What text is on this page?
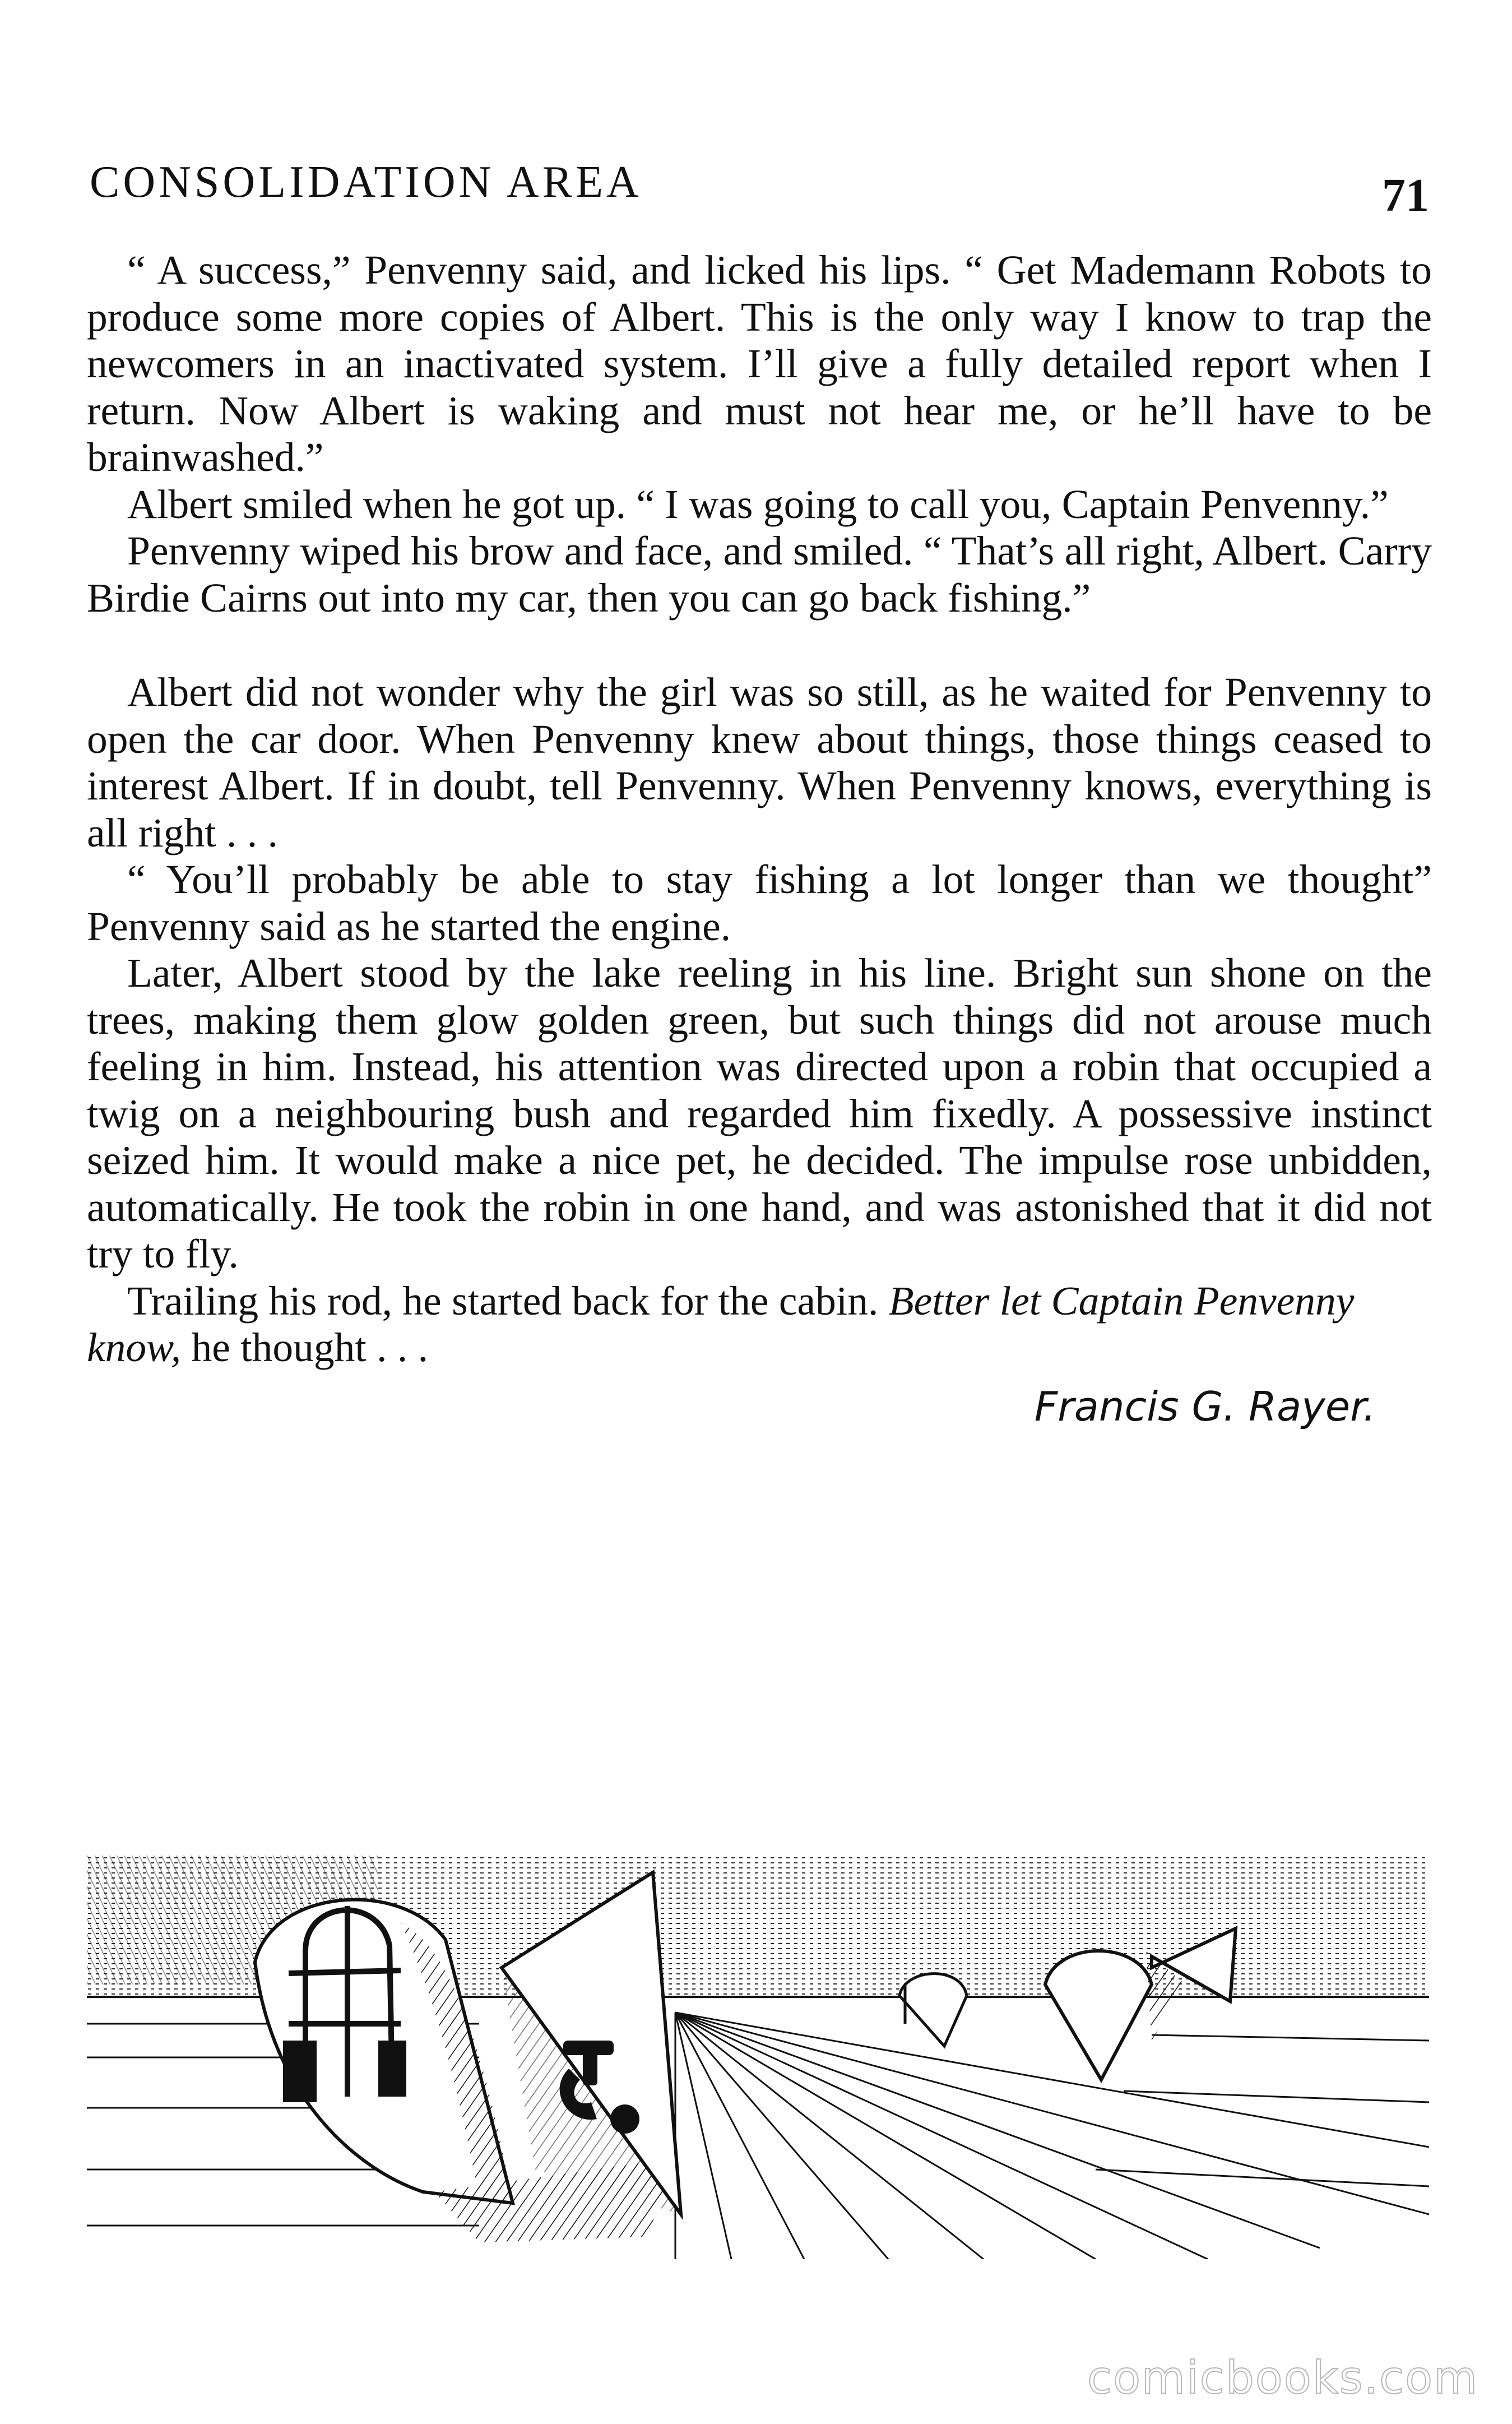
CONSOLIDATION AREA	71

“ A success,” Penvenny said, and licked his lips. “ Get Mademann Robots to produce some more copies of Albert. This is the only way I know to trap the newcomers in an inactivated system. I’ll give a fully detailed report when I return. Now Albert is waking and must not hear me, or he’ll have to be brainwashed.”

Albert smiled when he got up. “ I was going to call you, Captain Penvenny.”

Penvenny wiped his brow and face, and smiled. “ That’s all right, Albert. Carry Birdie Cairns out into my car, then you can go back fishing.”

Albert did not wonder why the girl was so still, as he waited for Penvenny to open the car door. When Penvenny knew about things, those things ceased to interest Albert. If in doubt, tell Penvenny. When Penvenny knows, everything is all right . . .

“ You’ll probably be able to stay fishing a lot longer than we thought” Penvenny said as he started the engine.

Later, Albert stood by the lake reeling in his line. Bright sun shone on the trees, making them glow golden green, but such things did not arouse much feeling in him. Instead, his attention was directed upon a robin that occupied a twig on a neighbouring bush and regarded him fixedly. A possessive instinct seized him. It would make a nice pet, he decided. The impulse rose unbidden, automatically. He took the robin in one hand, and was astonished that it did not try to fly.

Trailing his rod, he started back for the cabin. Better let Captain Penvenny know, he thought . . .

Francis G. Rayer.
comicbooks.com
